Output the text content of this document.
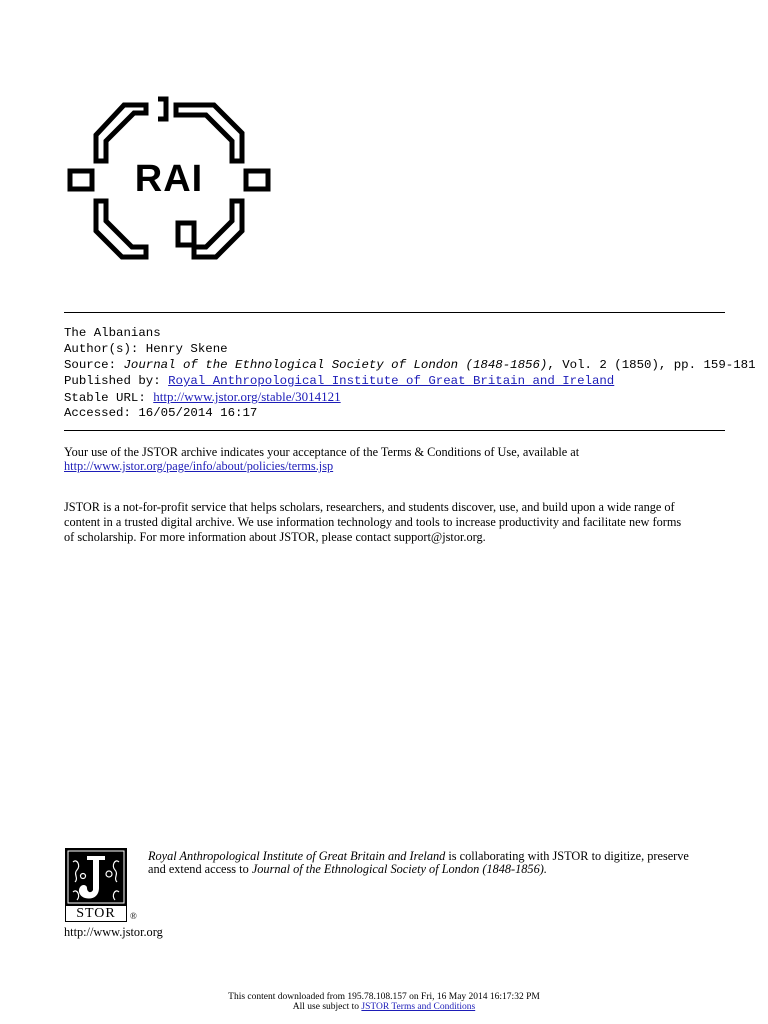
RAI
The Albanians
Author(s): Henry Skene
Source: Journal of the Ethnological Society of London (1848-1856), Vol. 2 (1850), pp. 159-181
Published by: Royal Anthropological Institute of Great Britain and Ireland
Stable URL: http://www.jstor.org/stable/3014121
Accessed: 16/05/2014 16:17
Your use of the JSTOR archive indicates your acceptance of the Terms & Conditions of Use, available at
http://www.jstor.org/page/info/about/policies/terms.jsp
JSTOR is a not-for-profit service that helps scholars, researchers, and students discover, use, and build upon a wide range of
content in a trusted digital archive. We use information technology and tools to increase productivity and facilitate new forms
of scholarship. For more information about JSTOR, please contact support@jstor.org.
STOR	®
Royal Anthropological Institute of Great Britain and Ireland is collaborating with JSTOR to digitize, preserve
and extend access to Journal of the Ethnological Society of London (1848-1856).
http://www.jstor.org
This content downloaded from 195.78.108.157 on Fri, 16 May 2014 16:17:32 PM
All use subject to JSTOR Terms and Conditions
